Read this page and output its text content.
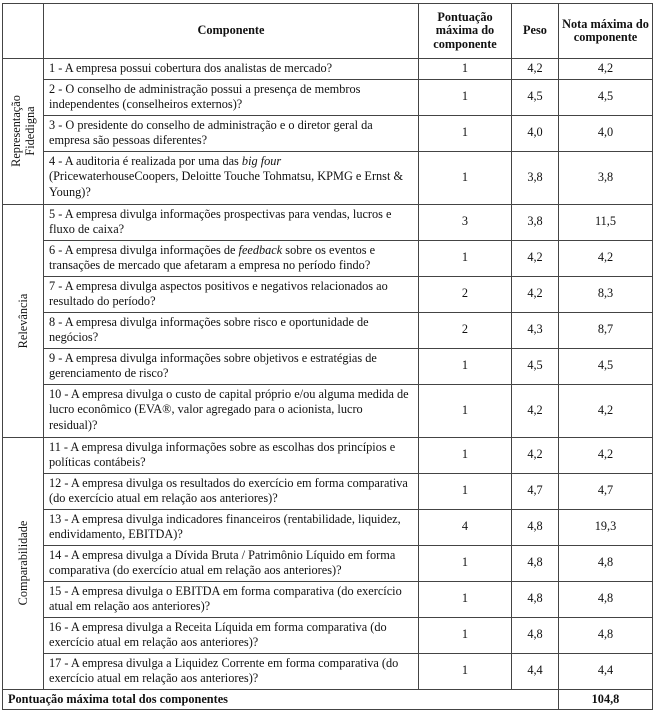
	Componente	Pontuação máxima do componente	Peso	Nota máxima do componente

Representação
Fidedigna	1 - A empresa possui cobertura dos analistas de mercado?	1	4,2	4,2
	2 - O conselho de administração possui a presença de membros independentes (conselheiros externos)?	1	4,5	4,5
	3 - O presidente do conselho de administração e o diretor geral da empresa são pessoas diferentes?	1	4,0	4,0
	4 - A auditoria é realizada por uma das big four (PricewaterhouseCoopers, Deloitte Touche Tohmatsu, KPMG e Ernst & Young)?	1	3,8	3,8

Relevância	5 - A empresa divulga informações prospectivas para vendas, lucros e fluxo de caixa?	3	3,8	11,5
	6 - A empresa divulga informações de feedback sobre os eventos e transações de mercado que afetaram a empresa no período findo?	1	4,2	4,2
	7 - A empresa divulga aspectos positivos e negativos relacionados ao resultado do período?	2	4,2	8,3
	8 - A empresa divulga informações sobre risco e oportunidade de negócios?	2	4,3	8,7
	9 - A empresa divulga informações sobre objetivos e estratégias de gerenciamento de risco?	1	4,5	4,5
	10 - A empresa divulga o custo de capital próprio e/ou alguma medida de lucro econômico (EVA®, valor agregado para o acionista, lucro residual)?	1	4,2	4,2

Comparabilidade	11 - A empresa divulga informações sobre as escolhas dos princípios e políticas contábeis?	1	4,2	4,2
	12 - A empresa divulga os resultados do exercício em forma comparativa (do exercício atual em relação aos anteriores)?	1	4,7	4,7
	13 - A empresa divulga indicadores financeiros (rentabilidade, liquidez, endividamento, EBITDA)?	4	4,8	19,3
	14 - A empresa divulga a Dívida Bruta / Patrimônio Líquido em forma comparativa (do exercício atual em relação aos anteriores)?	1	4,8	4,8
	15 - A empresa divulga o EBITDA em forma comparativa (do exercício atual em relação aos anteriores)?	1	4,8	4,8
	16 - A empresa divulga a Receita Líquida em forma comparativa (do exercício atual em relação aos anteriores)?	1	4,8	4,8
	17 - A empresa divulga a Liquidez Corrente em forma comparativa (do exercício atual em relação aos anteriores)?	1	4,4	4,4
Pontuação máxima total dos componentes				104,8
